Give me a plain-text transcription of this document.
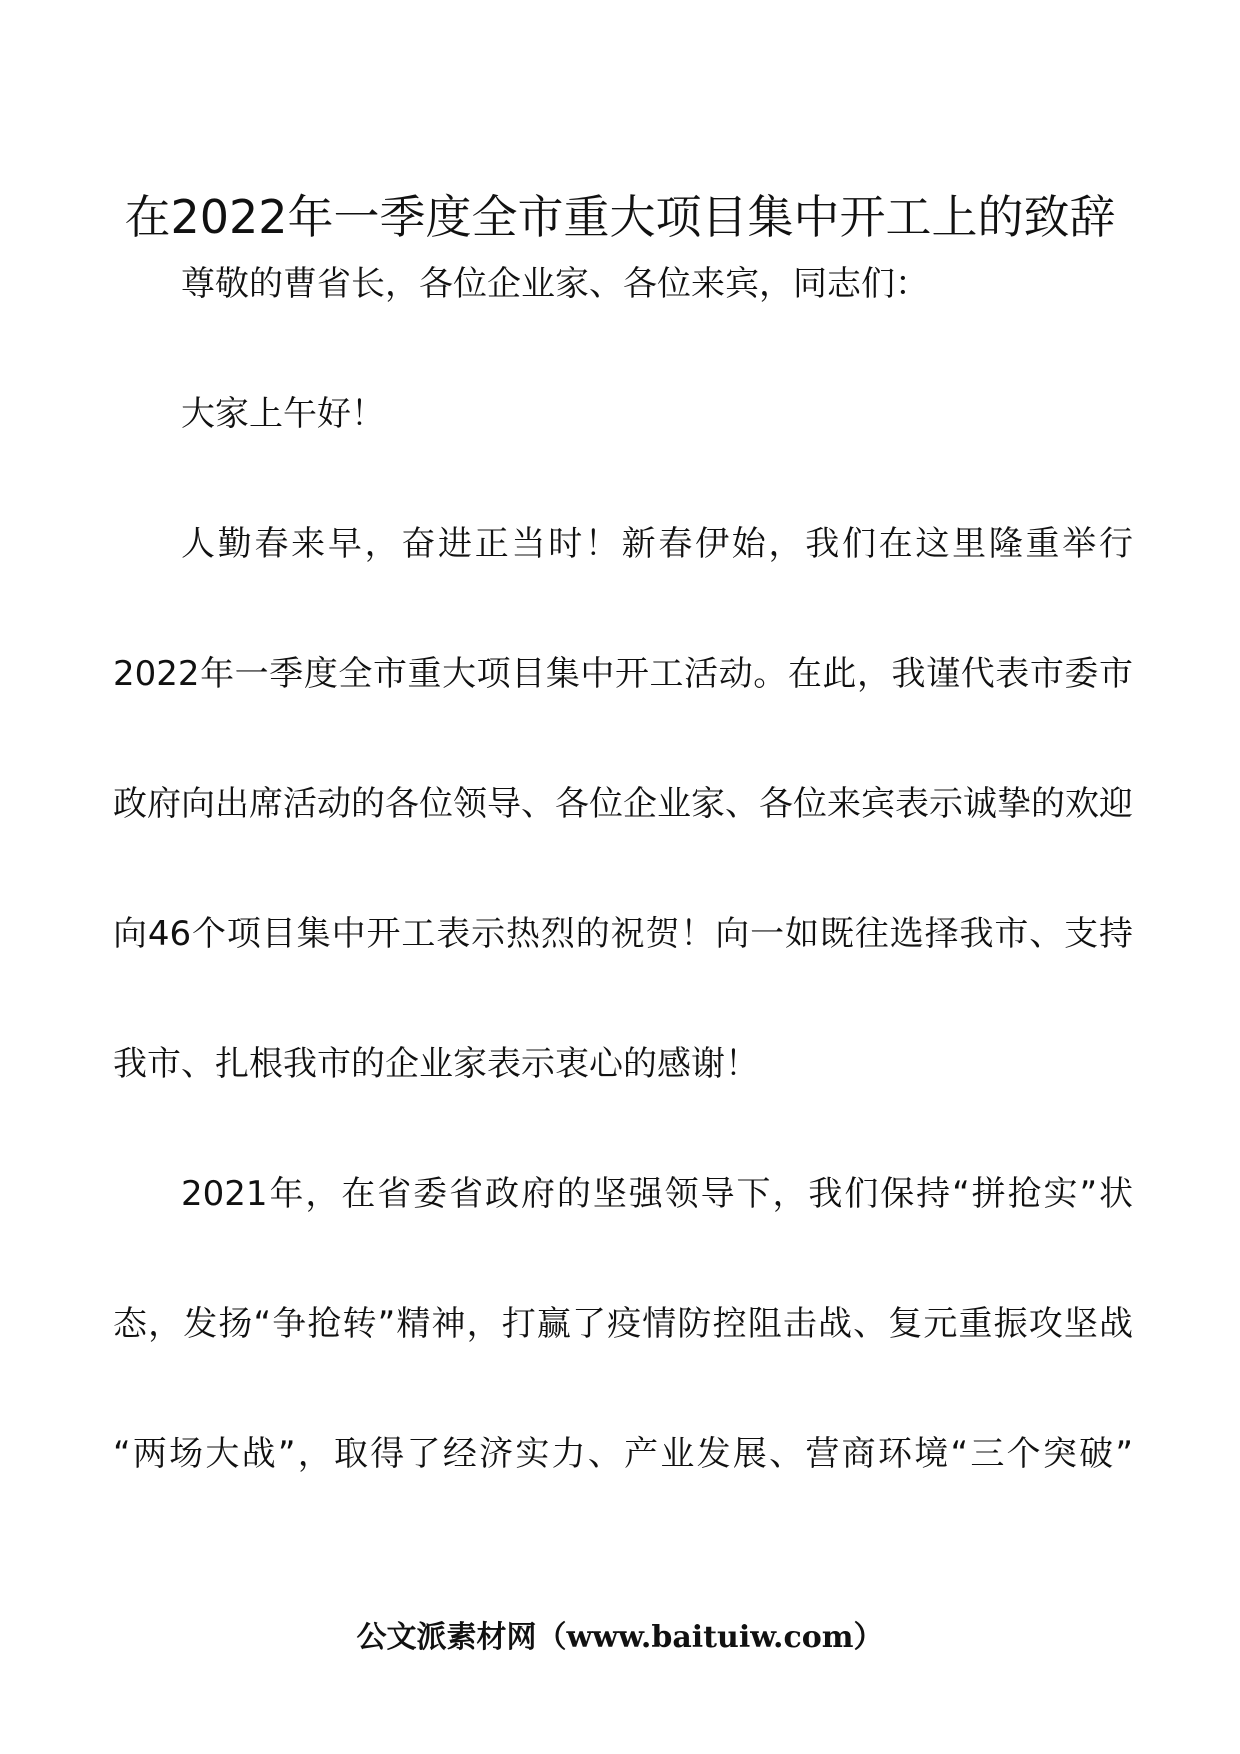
在2022年一季度全市重大项目集中开工上的致辞
尊敬的曹省长，各位企业家、各位来宾，同志们：
大家上午好！
人勤春来早，奋进正当时！新春伊始，我们在这里隆重举行
2022年一季度全市重大项目集中开工活动。在此，我谨代表市委市
政府向出席活动的各位领导、各位企业家、各位来宾表示诚挚的欢迎
向46个项目集中开工表示热烈的祝贺！向一如既往选择我市、支持
我市、扎根我市的企业家表示衷心的感谢！
2021年，在省委省政府的坚强领导下，我们保持“拼抢实”状
态，发扬“争抢转”精神，打赢了疫情防控阻击战、复元重振攻坚战
“两场大战”，取得了经济实力、产业发展、营商环境“三个突破”
公文派素材网（www.baituiw.com）
